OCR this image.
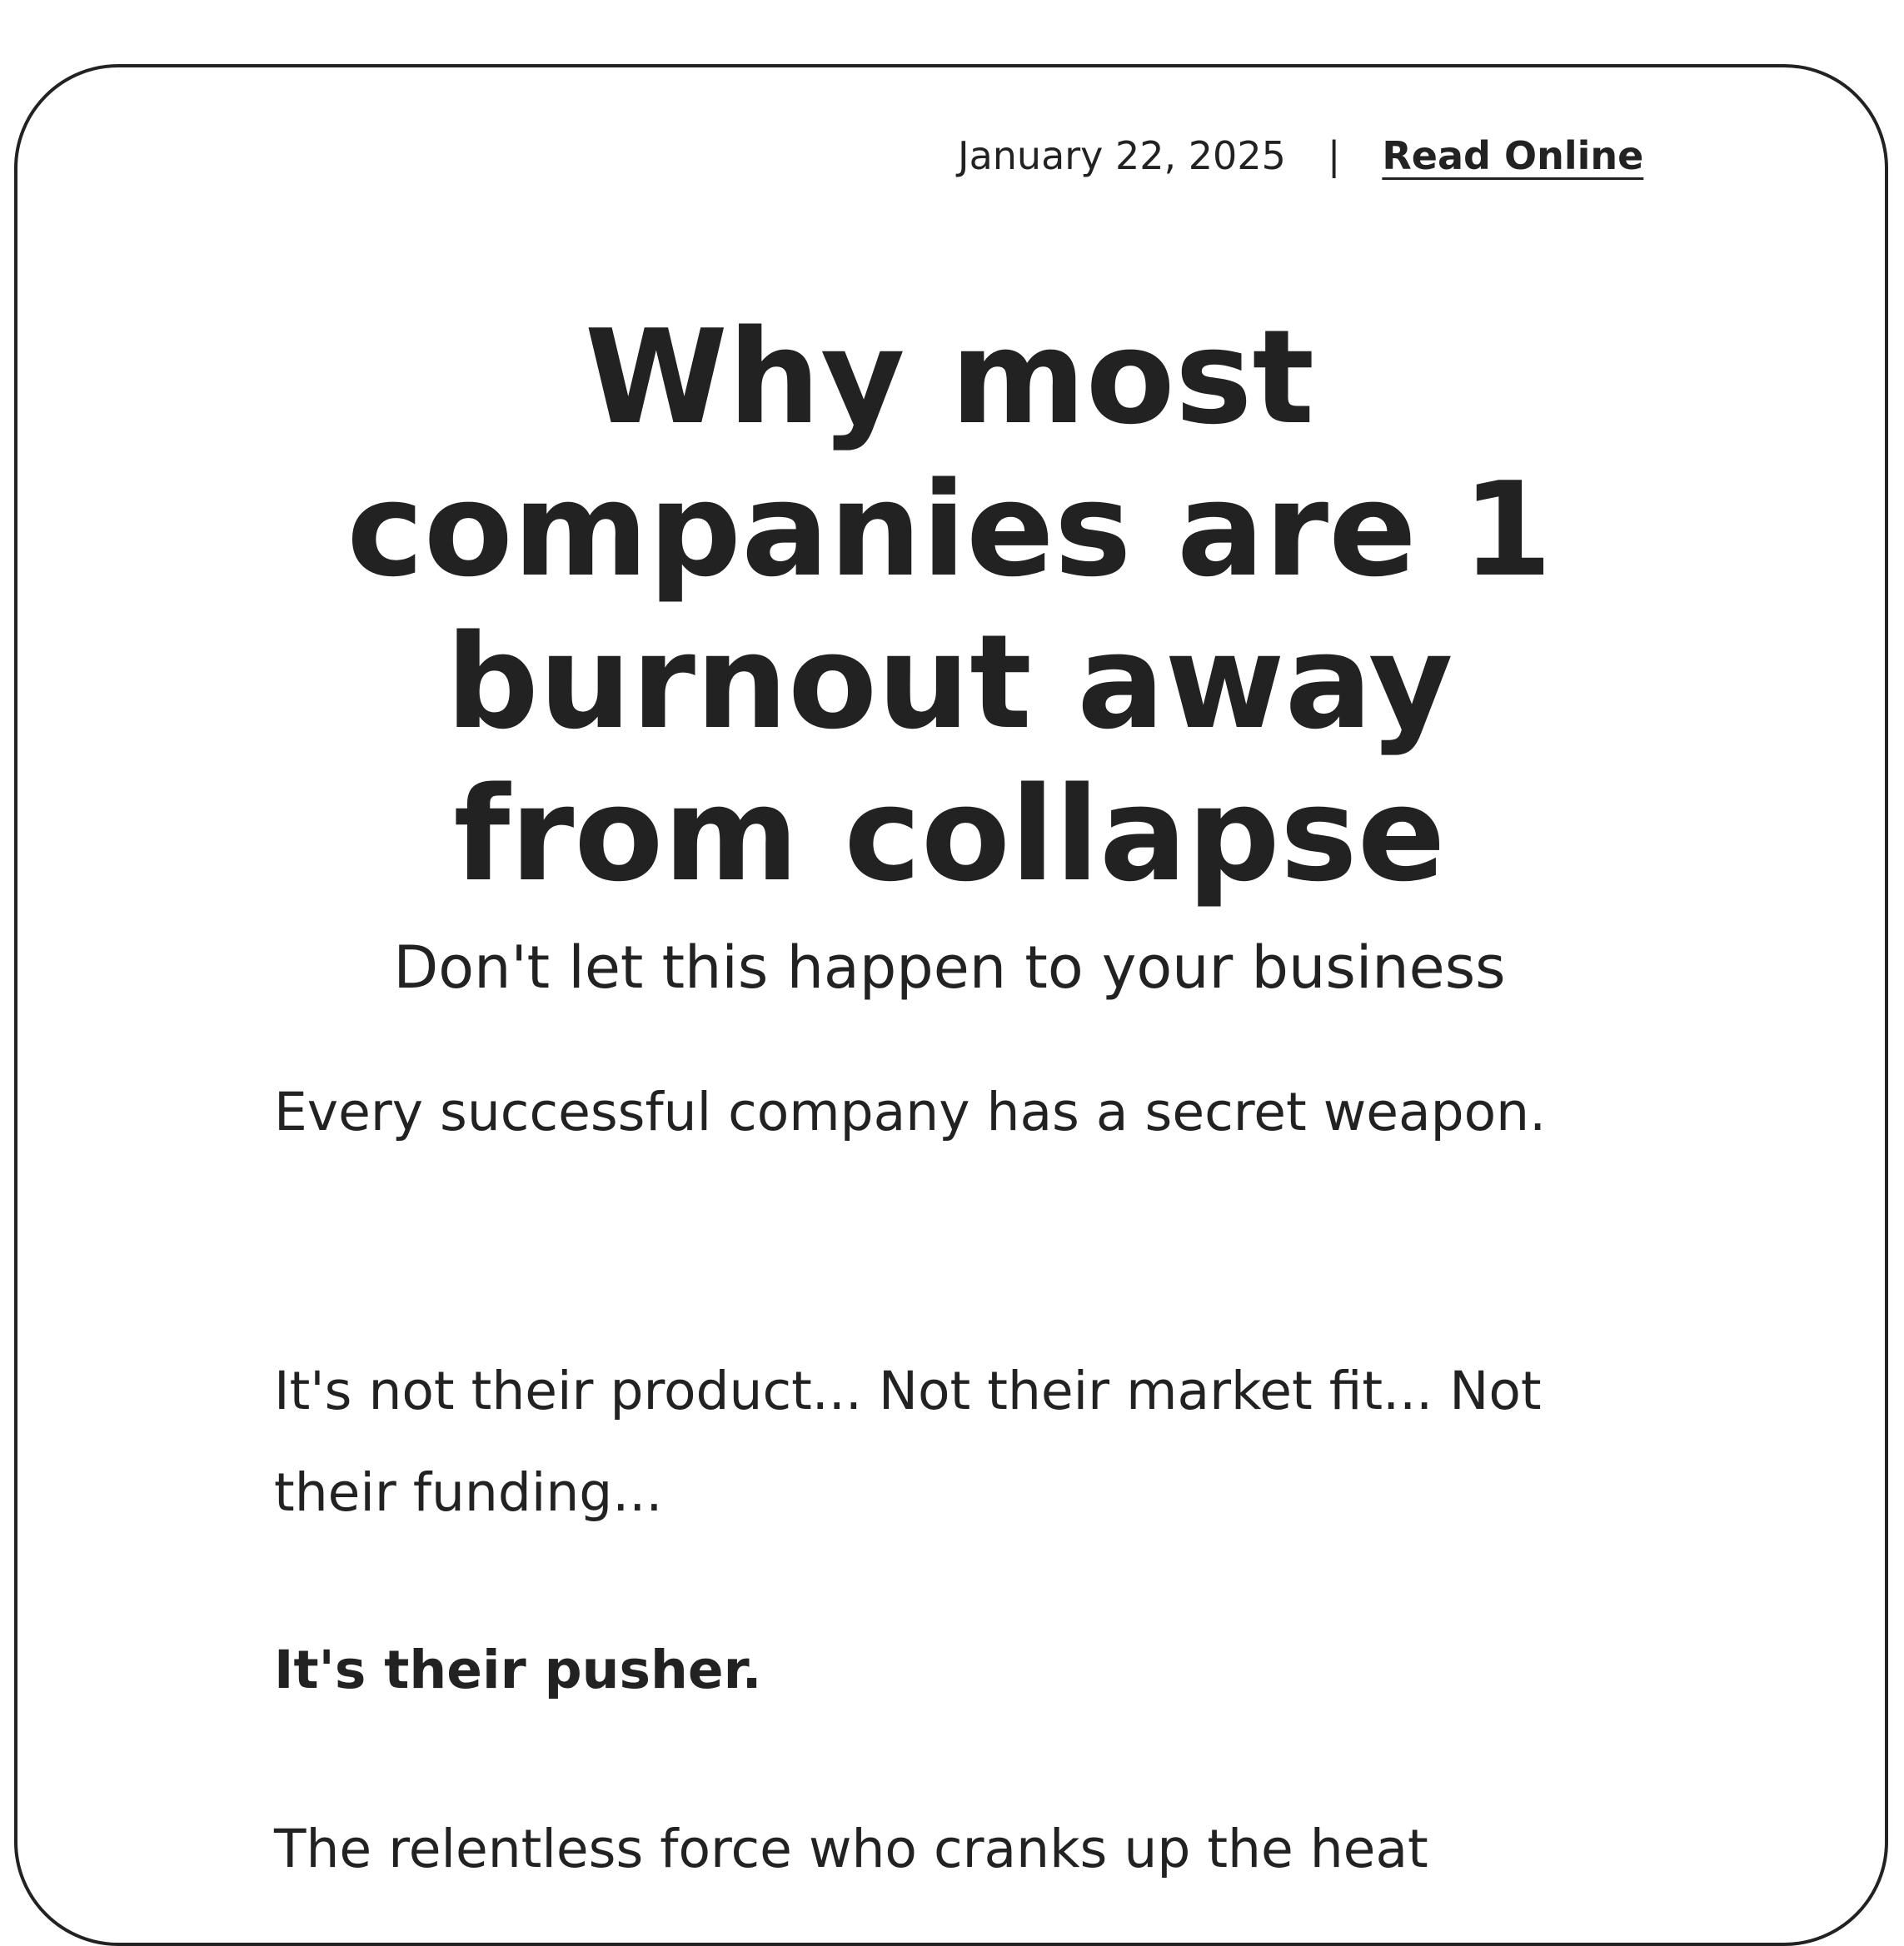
January 22, 2025 | Read Online
Why most companies are 1 burnout away from collapse

Don't let this happen to your business

Every successful company has a secret weapon.

It's not their product... Not their market fit... Not their funding...

It's their pusher.

The relentless force who cranks up the heat
